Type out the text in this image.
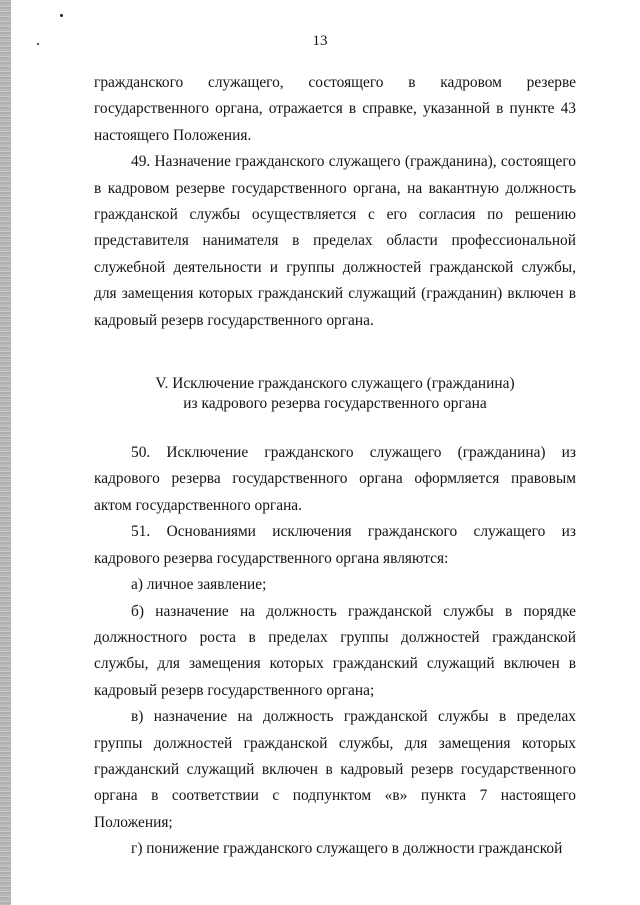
13

гражданского служащего, состоящего в кадровом резерве государственного органа, отражается в справке, указанной в пункте 43 настоящего Положения.

49. Назначение гражданского служащего (гражданина), состоящего в кадровом резерве государственного органа, на вакантную должность гражданской службы осуществляется с его согласия по решению представителя нанимателя в пределах области профессиональной служебной деятельности и группы должностей гражданской службы, для замещения которых гражданский служащий (гражданин) включен в кадровый резерв государственного органа.

V. Исключение гражданского служащего (гражданина)
из кадрового резерва государственного органа

50. Исключение гражданского служащего (гражданина) из кадрового резерва государственного органа оформляется правовым актом государственного органа.

51. Основаниями исключения гражданского служащего из кадрового резерва государственного органа являются:

а) личное заявление;

б) назначение на должность гражданской службы в порядке должностного роста в пределах группы должностей гражданской службы, для замещения которых гражданский служащий включен в кадровый резерв государственного органа;

в) назначение на должность гражданской службы в пределах группы должностей гражданской службы, для замещения которых гражданский служащий включен в кадровый резерв государственного органа в соответствии с подпунктом «в» пункта 7 настоящего Положения;

г) понижение гражданского служащего в должности гражданской
